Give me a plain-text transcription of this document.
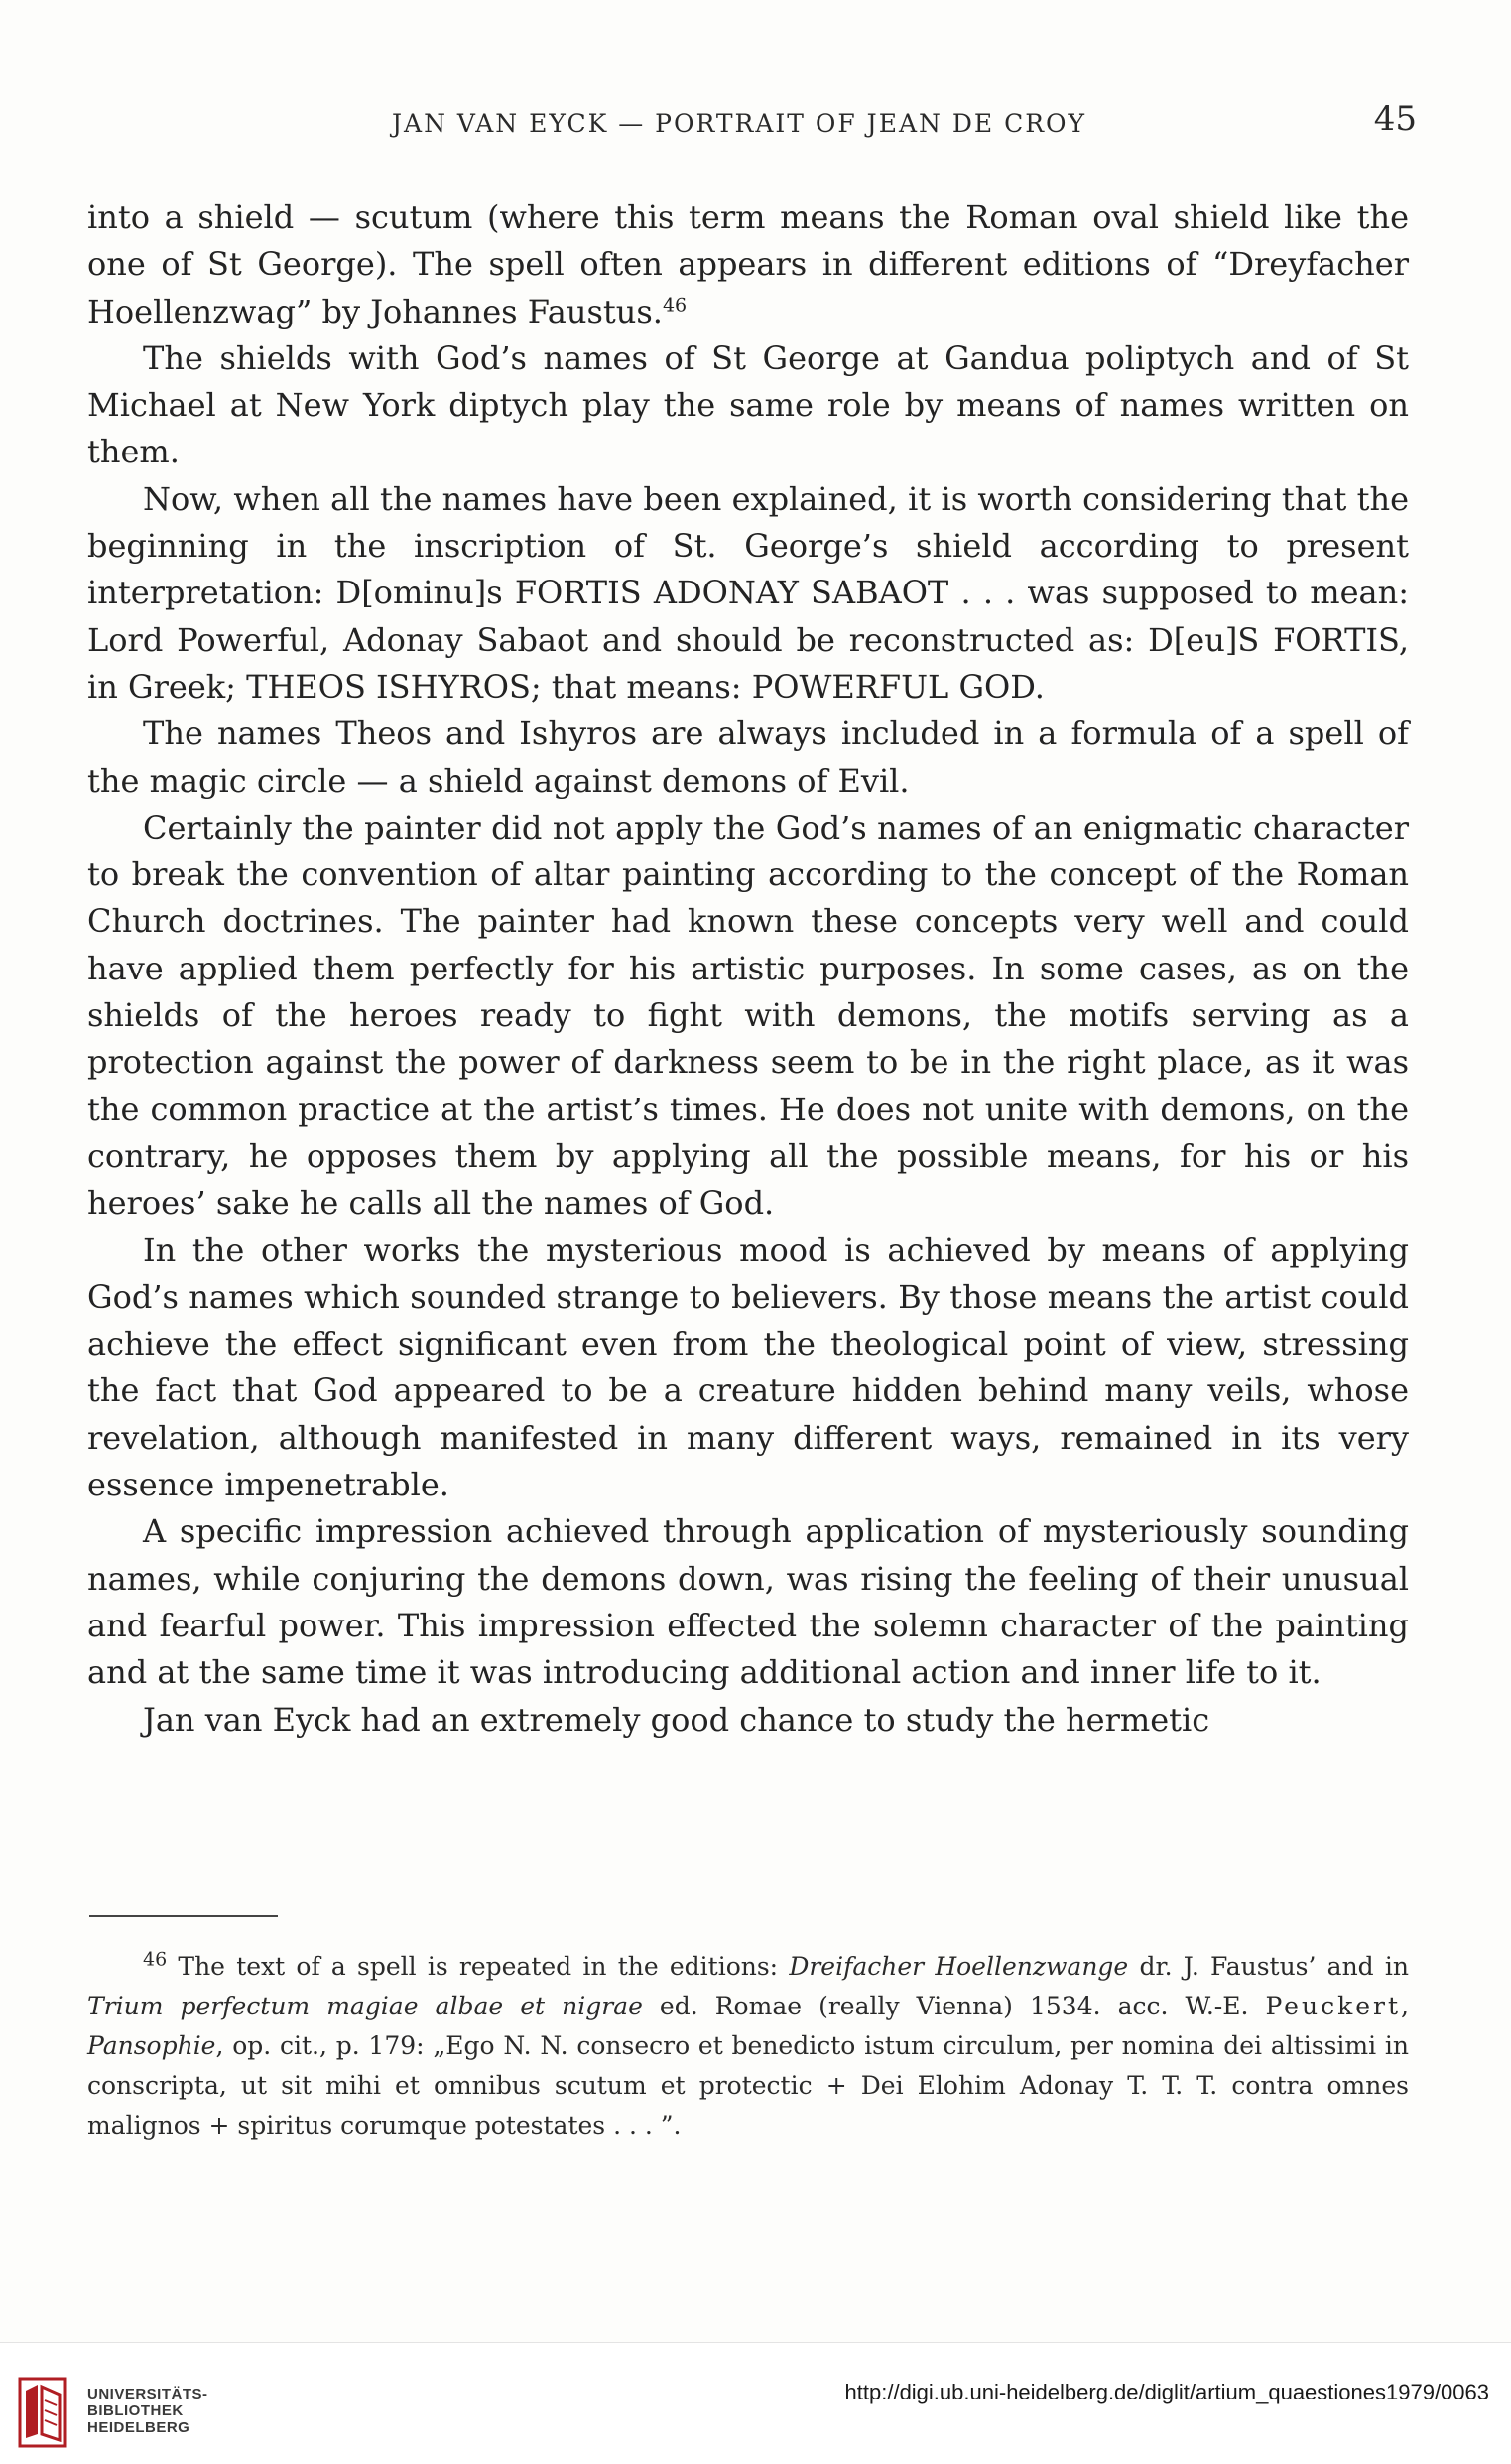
JAN VAN EYCK — PORTRAIT OF JEAN DE CROY	45

into a shield — scutum (where this term means the Roman oval shield like the one of St George). The spell often appears in different editions of “Dreyfacher Hoellenzwag” by Johannes Faustus.$^{46}$

The shields with God’s names of St George at Gandua poliptych and of St Michael at New York diptych play the same role by means of names written on them.

Now, when all the names have been explained, it is worth considering that the beginning in the inscription of St. George’s shield according to present interpretation: D[ominu]s FORTIS ADONAY SABAOT . . . was supposed to mean: Lord Powerful, Adonay Sabaot and should be reconstructed as: D[eu]S FORTIS, in Greek; THEOS ISHYROS; that means: POWERFUL GOD.

The names Theos and Ishyros are always included in a formula of a spell of the magic circle — a shield against demons of Evil.

Certainly the painter did not apply the God’s names of an enigmatic character to break the convention of altar painting according to the concept of the Roman Church doctrines. The painter had known these concepts very well and could have applied them perfectly for his artistic purposes. In some cases, as on the shields of the heroes ready to fight with demons, the motifs serving as a protection against the power of darkness seem to be in the right place, as it was the common practice at the artist’s times. He does not unite with demons, on the contrary, he opposes them by applying all the possible means, for his or his heroes’ sake he calls all the names of God.

In the other works the mysterious mood is achieved by means of applying God’s names which sounded strange to believers. By those means the artist could achieve the effect significant even from the theological point of view, stressing the fact that God appeared to be a creature hidden behind many veils, whose revelation, although manifested in many different ways, remained in its very essence impenetrable.

A specific impression achieved through application of mysteriously sounding names, while conjuring the demons down, was rising the feeling of their unusual and fearful power. This impression effected the solemn character of the painting and at the same time it was introducing additional action and inner life to it.

Jan van Eyck had an extremely good chance to study the hermetic

$^{46}$ The text of a spell is repeated in the editions: Dreifacher Hoellenzwange dr. J. Faustus’ and in Trium perfectum magiae albae et nigrae ed. Romae (really Vienna) 1534. acc. W.-E. Peuckert, Pansophie, op. cit., p. 179: „Ego N. N. consecro et benedicto istum circulum, per nomina dei altissimi in conscripta, ut sit mihi et omnibus scutum et protectic + Dei Elohim Adonay T. T. T. contra omnes malignos + spiritus corumque potestates . . . ”.
UNIVERSITÄTS-
BIBLIOTHEK
HEIDELBERG
http://digi.ub.uni-heidelberg.de/diglit/artium_quaestiones1979/0063
